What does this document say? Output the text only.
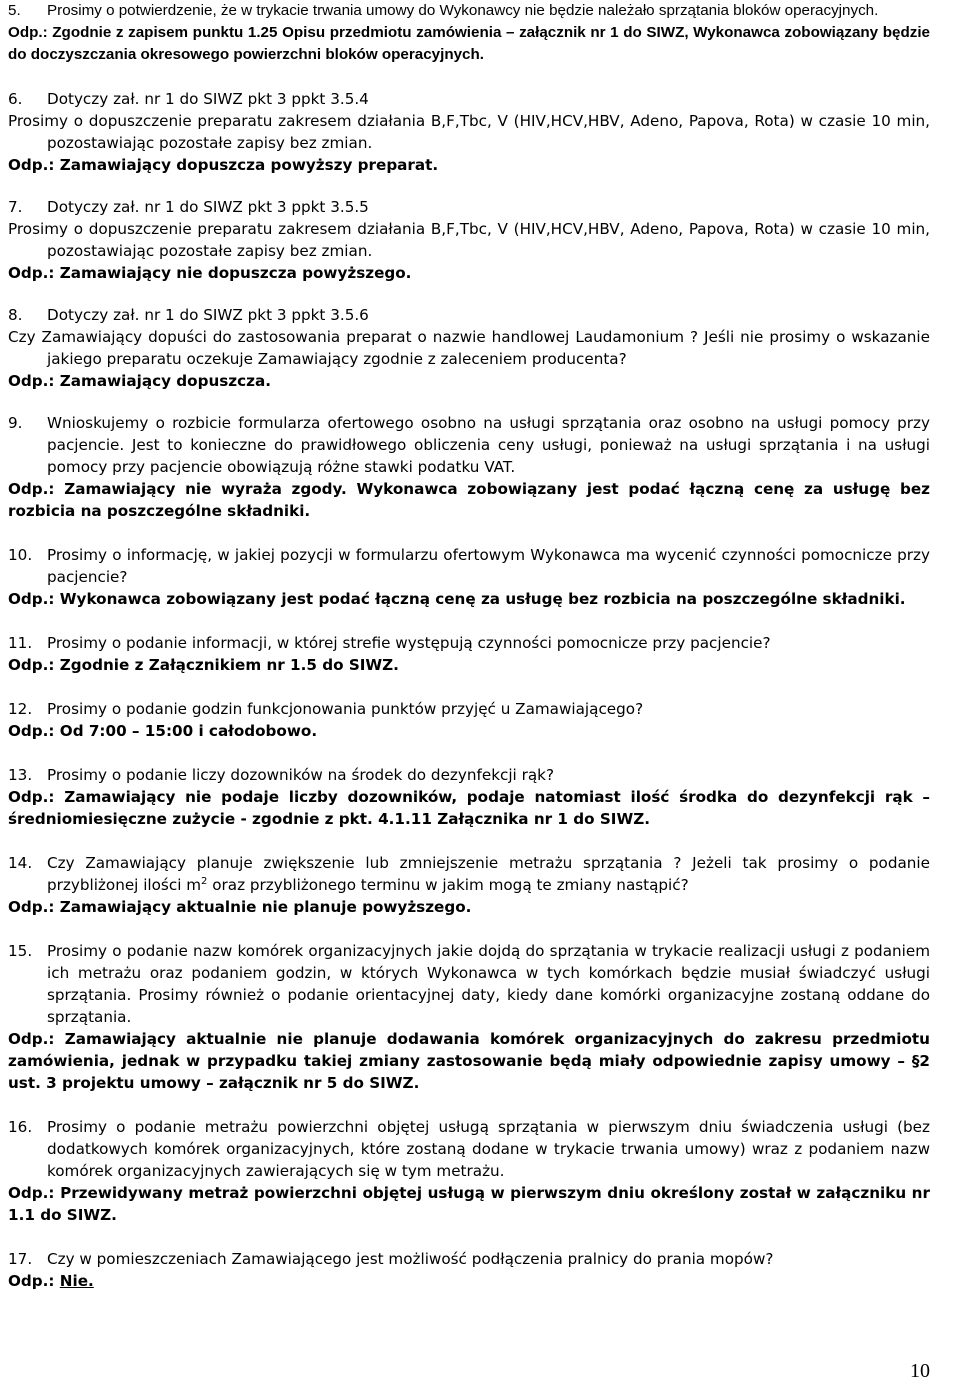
5. Prosimy o potwierdzenie, że w trykacie trwania umowy do Wykonawcy nie będzie należało sprzątania bloków operacyjnych.
Odp.: Zgodnie z zapisem punktu 1.25 Opisu przedmiotu zamówienia – załącznik nr 1 do SIWZ, Wykonawca zobowiązany będzie do doczyszczania okresowego powierzchni bloków operacyjnych.
6. Dotyczy zał. nr 1 do SIWZ pkt 3 ppkt 3.5.4
Prosimy o dopuszczenie preparatu zakresem działania B,F,Tbc, V (HIV,HCV,HBV, Adeno, Papova, Rota) w czasie 10 min, pozostawiając pozostałe zapisy bez zmian.
Odp.: Zamawiający dopuszcza powyższy preparat.
7. Dotyczy zał. nr 1 do SIWZ pkt 3 ppkt 3.5.5
Prosimy o dopuszczenie preparatu zakresem działania B,F,Tbc, V (HIV,HCV,HBV, Adeno, Papova, Rota) w czasie 10 min, pozostawiając pozostałe zapisy bez zmian.
Odp.: Zamawiający nie dopuszcza powyższego.
8. Dotyczy zał. nr 1 do SIWZ pkt 3 ppkt 3.5.6
Czy Zamawiający dopuści do zastosowania preparat o nazwie handlowej Laudamonium ? Jeśli nie prosimy o wskazanie jakiego preparatu oczekuje Zamawiający zgodnie z zaleceniem producenta?
Odp.: Zamawiający dopuszcza.
9. Wnioskujemy o rozbicie formularza ofertowego osobno na usługi sprzątania oraz osobno na usługi pomocy przy pacjencie. Jest to konieczne do prawidłowego obliczenia ceny usługi, ponieważ na usługi sprzątania i na usługi pomocy przy pacjencie obowiązują różne stawki podatku VAT.
Odp.: Zamawiający nie wyraża zgody. Wykonawca zobowiązany jest podać łączną cenę za usługę bez rozbicia na poszczególne składniki.
10. Prosimy o informację, w jakiej pozycji w formularzu ofertowym Wykonawca ma wycenić czynności pomocnicze przy pacjencie?
Odp.: Wykonawca zobowiązany jest podać łączną cenę za usługę bez rozbicia na poszczególne składniki.
11. Prosimy o podanie informacji, w której strefie występują czynności pomocnicze przy pacjencie?
Odp.: Zgodnie z Załącznikiem nr 1.5 do SIWZ.
12. Prosimy o podanie godzin funkcjonowania punktów przyjęć u Zamawiającego?
Odp.: Od 7:00 – 15:00 i całodobowo.
13. Prosimy o podanie liczy dozowników na środek do dezynfekcji rąk?
Odp.: Zamawiający nie podaje liczby dozowników, podaje natomiast ilość środka do dezynfekcji rąk – średniomiesięczne zużycie - zgodnie z pkt. 4.1.11 Załącznika nr 1 do SIWZ.
14. Czy Zamawiający planuje zwiększenie lub zmniejszenie metrażu sprzątania ? Jeżeli tak prosimy o podanie przybliżonej ilości $m^2$ oraz przybliżonego terminu w jakim mogą te zmiany nastąpić?
Odp.: Zamawiający aktualnie nie planuje powyższego.
15. Prosimy o podanie nazw komórek organizacyjnych jakie dojdą do sprzątania w trykacie realizacji usługi z podaniem ich metrażu oraz podaniem godzin, w których Wykonawca w tych komórkach będzie musiał świadczyć usługi sprzątania. Prosimy również o podanie orientacyjnej daty, kiedy dane komórki organizacyjne zostaną oddane do sprzątania.
Odp.: Zamawiający aktualnie nie planuje dodawania komórek organizacyjnych do zakresu przedmiotu zamówienia, jednak w przypadku takiej zmiany zastosowanie będą miały odpowiednie zapisy umowy – §2 ust. 3 projektu umowy – załącznik nr 5 do SIWZ.
16. Prosimy o podanie metrażu powierzchni objętej usługą sprzątania w pierwszym dniu świadczenia usługi (bez dodatkowych komórek organizacyjnych, które zostaną dodane w trykacie trwania umowy) wraz z podaniem nazw komórek organizacyjnych zawierających się w tym metrażu.
Odp.: Przewidywany metraż powierzchni objętej usługą w pierwszym dniu określony został w załączniku nr 1.1 do SIWZ.
17. Czy w pomieszczeniach Zamawiającego jest możliwość podłączenia pralnicy do prania mopów?
Odp.: Nie.
10
